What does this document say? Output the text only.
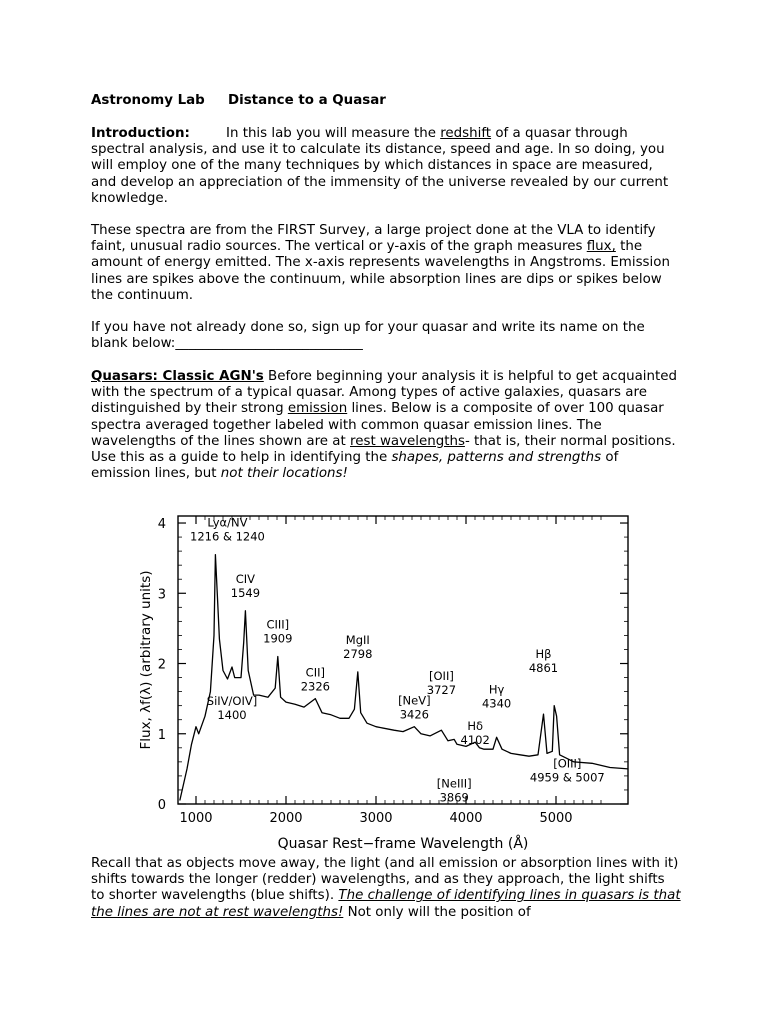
Astronomy Lab Distance to a Quasar
Introduction:	In this lab you will measure the redshift of a quasar through spectral analysis, and use it to calculate its distance, speed and age. In so doing, you will employ one of the many techniques by which distances in space are measured, and develop an appreciation of the immensity of the universe revealed by our current knowledge.
These spectra are from the FIRST Survey, a large project done at the VLA to identify faint, unusual radio sources. The vertical or y-axis of the graph measures flux, the amount of energy emitted. The x-axis represents wavelengths in Angstroms. Emission lines are spikes above the continuum, while absorption lines are dips or spikes below the continuum.
If you have not already done so, sign up for your quasar and write its name on the blank below:____________________________
Quasars: Classic AGN's Before beginning your analysis it is helpful to get acquainted with the spectrum of a typical quasar. Among types of active galaxies, quasars are distinguished by their strong emission lines. Below is a composite of over 100 quasar spectra averaged together labeled with common quasar emission lines. The wavelengths of the lines shown are at rest wavelengths- that is, their normal positions. Use this as a guide to help in identifying the shapes, patterns and strengths of emission lines, but not their locations!
1000	2000	3000	4000	5000
0
1
2
3
4	Lyα/NV
1216 & 1240
CIV
1549
CIII]
1909
CII]
2326
MgII
2798
[OII]
3727	Hγ
4340
Hβ
4861
[NeV]
3426
Hδ
4102
SiIV/OIV]
1400
[NeIII]
3869
[OIII]
4959 & 5007
Quasar Rest−frame Wavelength (Å)
Flux, λf(λ) (arbitrary units)
Recall that as objects move away, the light (and all emission or absorption lines with it) shifts towards the longer (redder) wavelengths, and as they approach, the light shifts to shorter wavelengths (blue shifts). The challenge of identifying lines in quasars is that the lines are not at rest wavelengths! Not only will the position of
